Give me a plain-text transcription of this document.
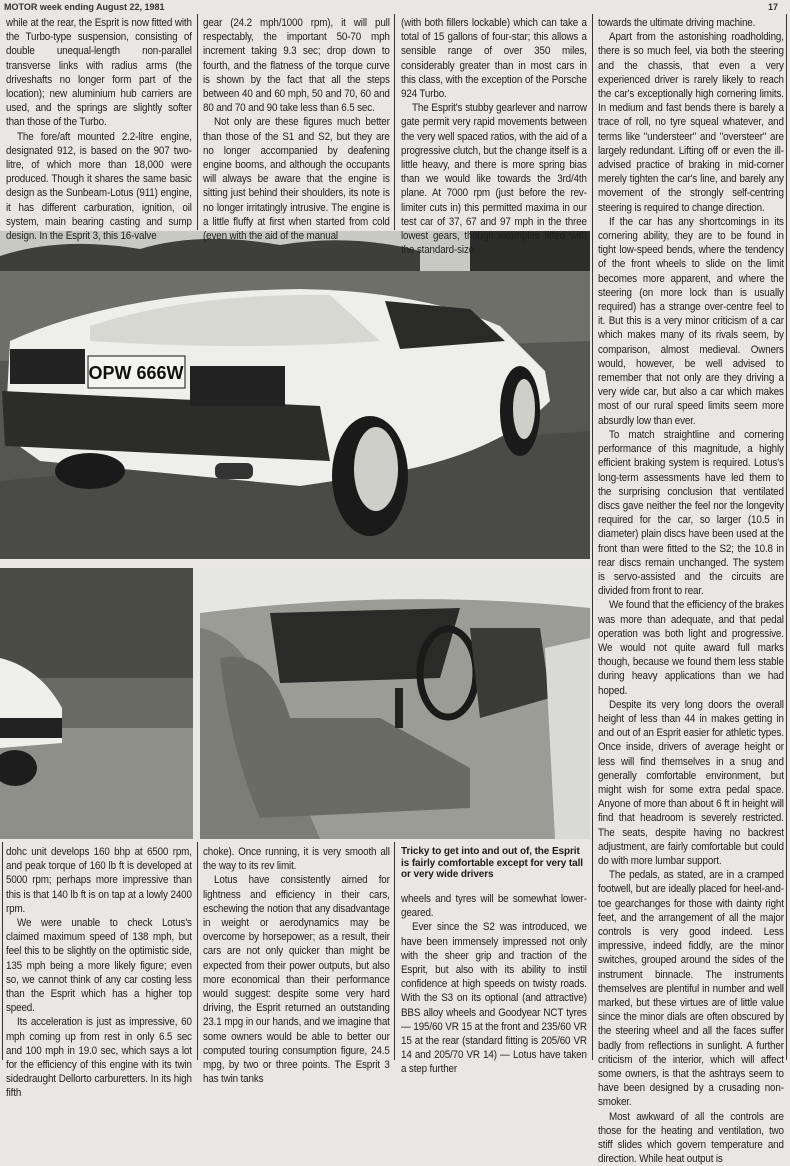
MOTOR week ending August 22, 1981	17

while at the rear, the Esprit is now fitted with the Turbo-type suspension, consisting of double unequal-length non-parallel transverse links with radius arms (the driveshafts no longer form part of the location); new aluminium hub carriers are used, and the springs are slightly softer than those of the Turbo.

The fore/aft mounted 2.2-litre engine, designated 912, is based on the 907 two-litre, of which more than 18,000 were produced. Though it shares the same basic design as the Sunbeam-Lotus (911) engine, it has different carburation, ignition, oil system, main bearing casting and sump design. In the Esprit 3, this 16-valve

gear (24.2 mph/1000 rpm), it will pull respectably, the important 50-70 mph increment taking 9.3 sec; drop down to fourth, and the flatness of the torque curve is shown by the fact that all the steps between 40 and 60 mph, 50 and 70, 60 and 80 and 70 and 90 take less than 6.5 sec.

Not only are these figures much better than those of the S1 and S2, but they are no longer accompanied by deafening engine booms, and although the occupants will always be aware that the engine is sitting just behind their shoulders, its note is no longer irritatingly intrusive. The engine is a little fluffy at first when started from cold (even with the aid of the manual

(with both fillers lockable) which can take a total of 15 gallons of four-star; this allows a sensible range of over 350 miles, considerably greater than in most cars in this class, with the exception of the Porsche 924 Turbo.

The Esprit's stubby gearlever and narrow gate permit very rapid movements between the very well spaced ratios, with the aid of a progressive clutch, but the change itself is a little heavy, and there is more spring bias than we would like towards the 3rd/4th plane. At 7000 rpm (just before the rev-limiter cuts in) this permitted maxima in our test car of 37, 67 and 97 mph in the three lowest gears, though examples fitted with the standard-size

towards the ultimate driving machine.

Apart from the astonishing roadholding, there is so much feel, via both the steering and the chassis, that even a very experienced driver is rarely likely to reach the car's exceptionally high cornering limits. In medium and fast bends there is barely a trace of roll, no tyre squeal whatever, and terms like "understeer" and "oversteer" are largely redundant. Lifting off or even the ill-advised practice of braking in mid-corner merely tighten the car's line, and barely any movement of the strongly self-centring steering is required to change direction.

If the car has any shortcomings in its cornering ability, they are to be found in tight low-speed bends, where the tendency of the front wheels to slide on the limit becomes more apparent, and where the steering (on more lock than is usually required) has a strange over-centre feel to it. But this is a very minor criticism of a car which makes many of its rivals seem, by comparison, almost medieval. Owners would, however, be well advised to remember that not only are they driving a very wide car, but also a car which makes most of our rural speed limits seem more absurdly low than ever.

To match straightline and cornering performance of this magnitude, a highly efficient braking system is required. Lotus's long-term assessments have led them to the surprising conclusion that ventilated discs gave neither the feel nor the longevity required for the car, so larger (10.5 in diameter) plain discs have been used at the front than were fitted to the S2; the 10.8 in rear discs remain unchanged. The system is servo-assisted and the circuits are divided from front to rear.

We found that the efficiency of the brakes was more than adequate, and that pedal operation was both light and progressive. We would not quite award full marks though, because we found them less stable during heavy applications than we had hoped.

Despite its very long doors the overall height of less than 44 in makes getting in and out of an Esprit easier for athletic types. Once inside, drivers of average height or less will find themselves in a snug and generally comfortable environment, but might wish for some extra pedal space. Anyone of more than about 6 ft in height will find that headroom is severely restricted. The seats, despite having no backrest adjustment, are fairly comfortable but could do with more lumbar support.

The pedals, as stated, are in a cramped footwell, but are ideally placed for heel-and-toe gearchanges for those with dainty right feet, and the arrangement of all the major controls is very good indeed. Less impressive, indeed fiddly, are the minor switches, grouped around the sides of the instrument binnacle. The instruments themselves are plentiful in number and well marked, but these virtues are of little value since the minor dials are often obscured by the steering wheel and all the faces suffer badly from reflections in sunlight. A further criticism of the interior, which will affect some owners, is that the ashtrays seem to have been designed by a crusading non-smoker.

Most awkward of all the controls are those for the heating and ventilation, two stiff slides which govern temperature and direction. While heat output is

OPW 666W

dohc unit develops 160 bhp at 6500 rpm, and peak torque of 160 lb ft is developed at 5000 rpm; perhaps more impressive than this is that 140 lb ft is on tap at a lowly 2400 rpm.

We were unable to check Lotus's claimed maximum speed of 138 mph, but feel this to be slightly on the optimistic side, 135 mph being a more likely figure; even so, we cannot think of any car costing less than the Esprit which has a higher top speed.

Its acceleration is just as impressive, 60 mph coming up from rest in only 6.5 sec and 100 mph in 19.0 sec, which says a lot for the efficiency of this engine with its twin sidedraught Dellorto carburetters. In its high fifth

choke). Once running, it is very smooth all the way to its rev limit.

Lotus have consistently aimed for lightness and efficiency in their cars, eschewing the notion that any disadvantage in weight or aerodynamics may be overcome by horsepower; as a result, their cars are not only quicker than might be expected from their power outputs, but also more economical than their performance would suggest: despite some very hard driving, the Esprit returned an outstanding 23.1 mpg in our hands, and we imagine that some owners would be able to better our computed touring consumption figure, 24.5 mpg, by two or three points. The Esprit 3 has twin tanks

Tricky to get into and out of, the Esprit is fairly comfortable except for very tall or very wide drivers

wheels and tyres will be somewhat lower-geared.

Ever since the S2 was introduced, we have been immensely impressed not only with the sheer grip and traction of the Esprit, but also with its ability to instil confidence at high speeds on twisty roads. With the S3 on its optional (and attractive) BBS alloy wheels and Goodyear NCT tyres — 195/60 VR 15 at the front and 235/60 VR 15 at the rear (standard fitting is 205/60 VR 14 and 205/70 VR 14) — Lotus have taken a step further
